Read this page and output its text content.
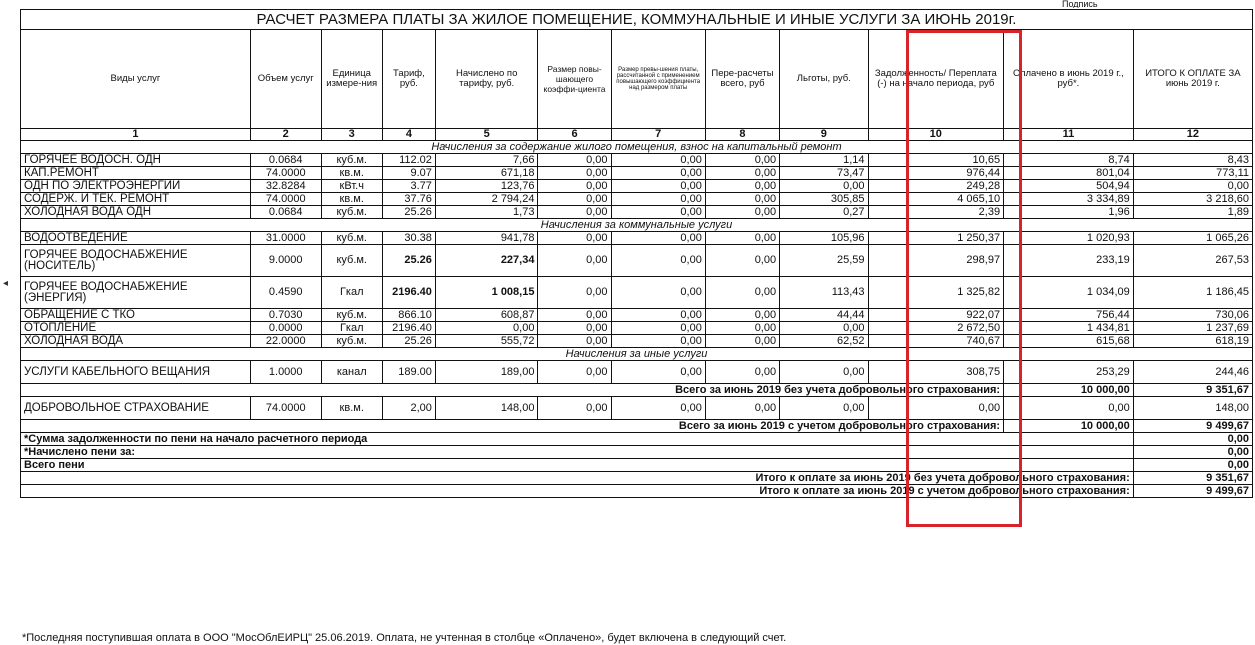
Подпись
РАСЧЕТ РАЗМЕРА ПЛАТЫ ЗА ЖИЛОЕ ПОМЕЩЕНИЕ, КОММУНАЛЬНЫЕ И ИНЫЕ УСЛУГИ ЗА ИЮНЬ 2019г.											
Виды услуг	Объем услуг	Единица измере-ния	Тариф, руб.	Начислено по тарифу, руб.	Размер повы-шающего коэффи-циента	Размер превы-шения платы, рассчитанной с применением повышающего коэффициента над размером платы	Пере-расчеты всего, руб	Льготы, руб.	Задолженность/ Переплата (-) на начало периода, руб	Оплачено в июнь 2019 г., руб*.	ИТОГО К ОПЛАТЕ ЗА июнь 2019 г.
1	2	3	4	5	6	7	8	9	10	11	12
Начисления за содержание жилого помещения, взнос на капитальный ремонт											
ГОРЯЧЕЕ ВОДОСН. ОДН	0.0684	куб.м.	112.02	7,66	0,00	0,00	0,00	1,14	10,65	8,74	8,43
КАП.РЕМОНТ	74.0000	кв.м.	9.07	671,18	0,00	0,00	0,00	73,47	976,44	801,04	773,11
ОДН ПО ЭЛЕКТРОЭНЕРГИИ	32.8284	кВт.ч	3.77	123,76	0,00	0,00	0,00	0,00	249,28	504,94	0,00
СОДЕРЖ. И ТЕК. РЕМОНТ	74.0000	кв.м.	37.76	2 794,24	0,00	0,00	0,00	305,85	4 065,10	3 334,89	3 218,60
ХОЛОДНАЯ ВОДА ОДН	0.0684	куб.м.	25.26	1,73	0,00	0,00	0,00	0,27	2,39	1,96	1,89
Начисления за коммунальные услуги											
ВОДООТВЕДЕНИЕ	31.0000	куб.м.	30.38	941,78	0,00	0,00	0,00	105,96	1 250,37	1 020,93	1 065,26
ГОРЯЧЕЕ ВОДОСНАБЖЕНИЕ (НОСИТЕЛЬ)	9.0000	куб.м.	25.26	227,34	0,00	0,00	0,00	25,59	298,97	233,19	267,53
ГОРЯЧЕЕ ВОДОСНАБЖЕНИЕ (ЭНЕРГИЯ)	0.4590	Гкал	2196.40	1 008,15	0,00	0,00	0,00	113,43	1 325,82	1 034,09	1 186,45
ОБРАЩЕНИЕ С ТКО	0.7030	куб.м.	866.10	608,87	0,00	0,00	0,00	44,44	922,07	756,44	730,06
ОТОПЛЕНИЕ	0.0000	Гкал	2196.40	0,00	0,00	0,00	0,00	0,00	2 672,50	1 434,81	1 237,69
ХОЛОДНАЯ ВОДА	22.0000	куб.м.	25.26	555,72	0,00	0,00	0,00	62,52	740,67	615,68	618,19
Начисления за иные услуги											
УСЛУГИ КАБЕЛЬНОГО ВЕЩАНИЯ	1.0000	канал	189.00	189,00	0,00	0,00	0,00	0,00	308,75	253,29	244,46
Всего за июнь 2019 без учета добровольного страхования:										10 000,00	9 351,67
ДОБРОВОЛЬНОЕ СТРАХОВАНИЕ	74.0000	кв.м.	2,00	148,00	0,00	0,00	0,00	0,00	0,00	0,00	148,00
Всего за июнь 2019 с учетом добровольного страхования:										10 000,00	9 499,67
*Сумма задолженности по пени на начало расчетного периода											0,00
*Начислено пени за:											0,00
Всего пени											0,00
Итого к оплате за июнь 2019 без учета добровольного страхования:											9 351,67
Итого к оплате за июнь 2019 с учетом добровольного страхования:											9 499,67
◂
*Последняя поступившая оплата в ООО "МосОблЕИРЦ" 25.06.2019. Оплата, не учтенная в столбце «Оплачено», будет включена в следующий счет.
